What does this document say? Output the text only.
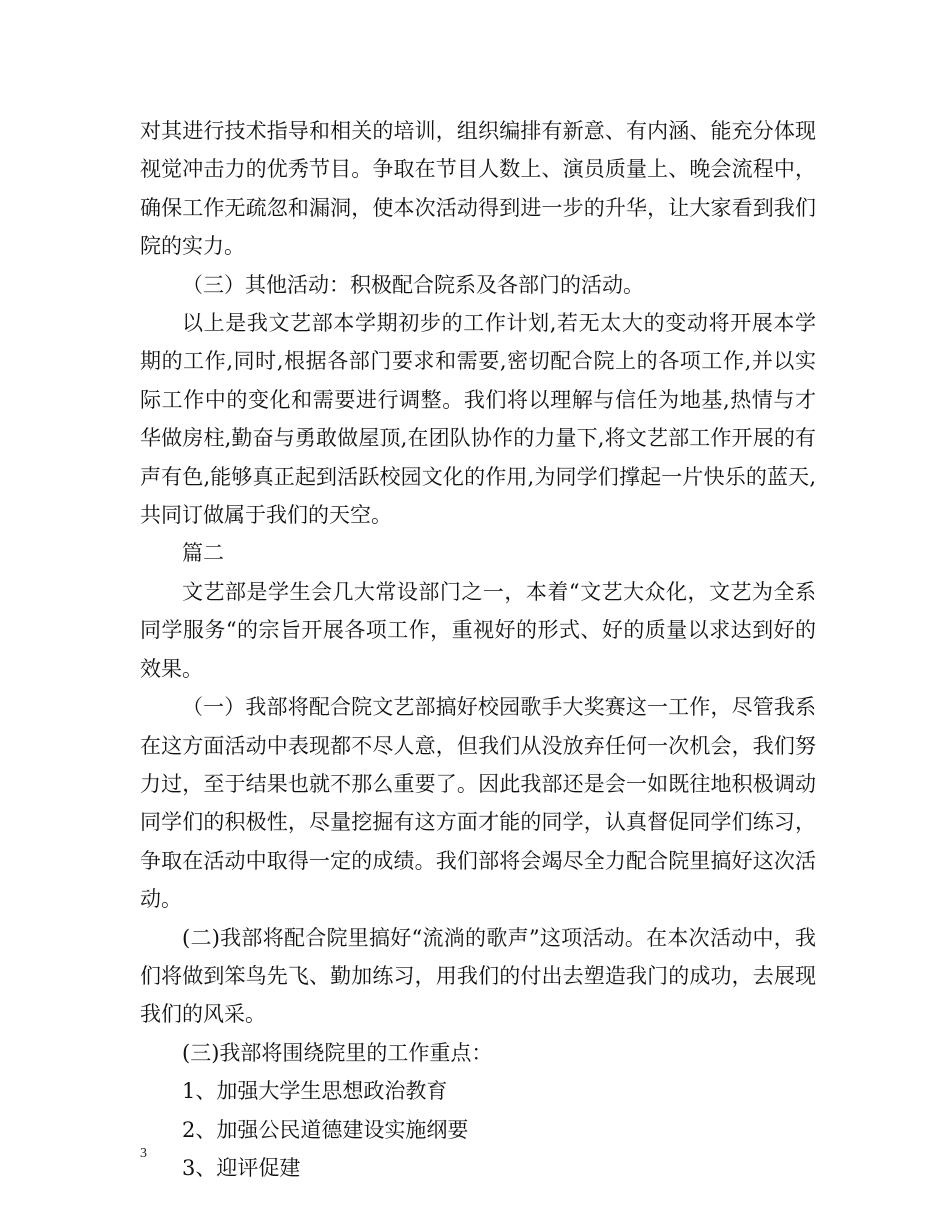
对其进行技术指导和相关的培训，组织编排有新意、有内涵、能充分体现视觉冲击力的优秀节目。争取在节目人数上、演员质量上、晚会流程中，确保工作无疏忽和漏洞，使本次活动得到进一步的升华，让大家看到我们院的实力。

（三）其他活动：积极配合院系及各部门的活动。

以上是我文艺部本学期初步的工作计划,若无太大的变动将开展本学期的工作,同时,根据各部门要求和需要,密切配合院上的各项工作,并以实际工作中的变化和需要进行调整。我们将以理解与信任为地基,热情与才华做房柱,勤奋与勇敢做屋顶,在团队协作的力量下,将文艺部工作开展的有声有色,能够真正起到活跃校园文化的作用,为同学们撑起一片快乐的蓝天,共同订做属于我们的天空。

篇二

文艺部是学生会几大常设部门之一，本着“文艺大众化，文艺为全系同学服务“的宗旨开展各项工作，重视好的形式、好的质量以求达到好的效果。

（一）我部将配合院文艺部搞好校园歌手大奖赛这一工作，尽管我系在这方面活动中表现都不尽人意，但我们从没放弃任何一次机会，我们努力过，至于结果也就不那么重要了。因此我部还是会一如既往地积极调动同学们的积极性，尽量挖掘有这方面才能的同学，认真督促同学们练习，争取在活动中取得一定的成绩。我们部将会竭尽全力配合院里搞好这次活动。

(二)我部将配合院里搞好“流淌的歌声”这项活动。在本次活动中，我们将做到笨鸟先飞、勤加练习，用我们的付出去塑造我门的成功，去展现我们的风采。

(三)我部将围绕院里的工作重点：

1、加强大学生思想政治教育

2、加强公民道德建设实施纲要

3、迎评促建

3
